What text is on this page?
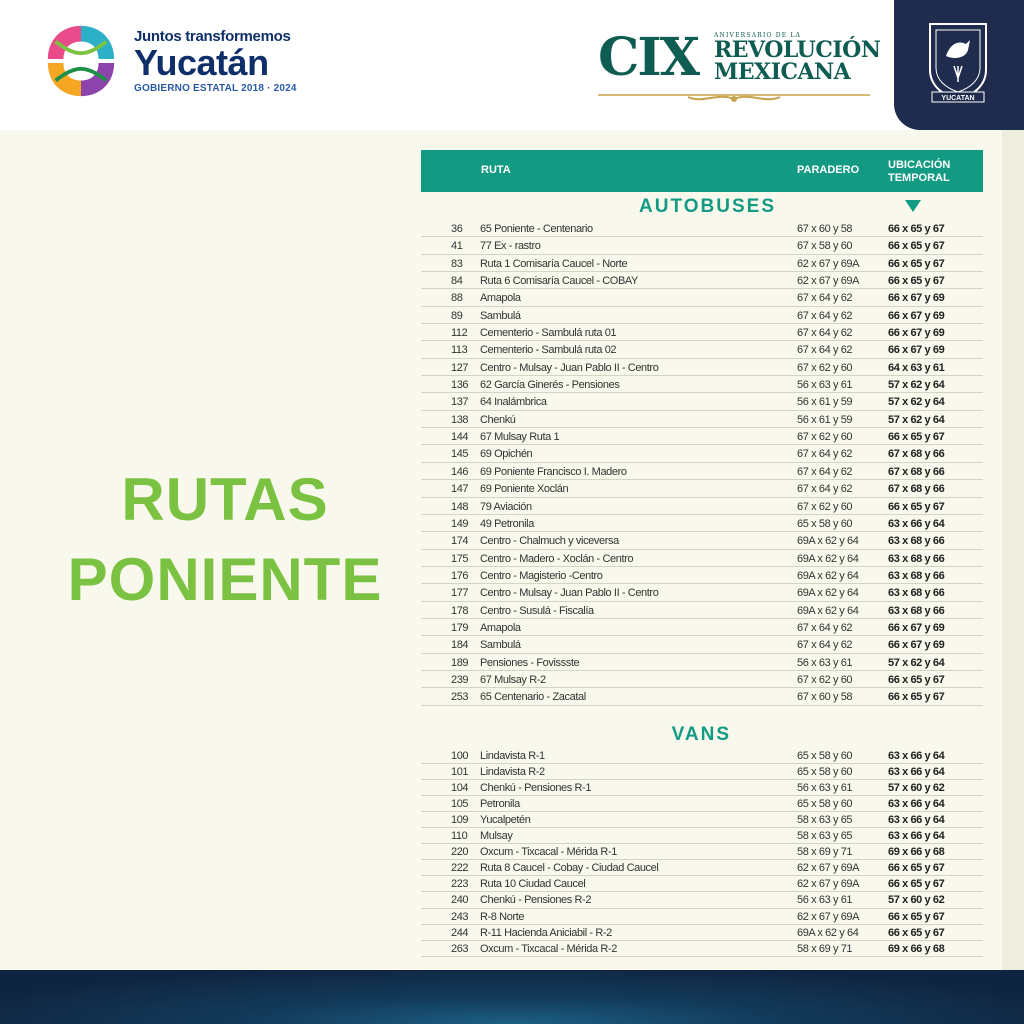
Juntos transformemos
Yucatán
GOBIERNO ESTATAL 2018 · 2024
CIX	ANIVERSARIO DE LA
REVOLUCIÓN
MEXICANA
YUCATAN
RUTAS
PONIENTE
RUTA	PARADERO	UBICACIÓN
TEMPORAL
AUTOBUSES
36 65 Poniente - Centenario	67 x 60 y 58	66 x 65 y 67
41 77 Ex - rastro	67 x 58 y 60	66 x 65 y 67
83 Ruta 1 Comisaría Caucel - Norte	62 x 67 y 69A	66 x 65 y 67
84 Ruta 6 Comisaría Caucel - COBAY	62 x 67 y 69A	66 x 65 y 67
88 Amapola	67 x 64 y 62	66 x 67 y 69
89 Sambulá	67 x 64 y 62	66 x 67 y 69
112 Cementerio - Sambulá ruta 01	67 x 64 y 62	66 x 67 y 69
113 Cementerio - Sambulá ruta 02	67 x 64 y 62	66 x 67 y 69
127 Centro - Mulsay - Juan Pablo II - Centro	67 x 62 y 60	64 x 63 y 61
136 62 García Ginerés - Pensiones	56 x 63 y 61	57 x 62 y 64
137 64 Inalámbrica	56 x 61 y 59	57 x 62 y 64
138 Chenkú	56 x 61 y 59	57 x 62 y 64
144 67 Mulsay Ruta 1	67 x 62 y 60	66 x 65 y 67
145 69 Opichén	67 x 64 y 62	67 x 68 y 66
146 69 Poniente Francisco I. Madero	67 x 64 y 62	67 x 68 y 66
147 69 Poniente Xoclán	67 x 64 y 62	67 x 68 y 66
148 79 Aviación	67 x 62 y 60	66 x 65 y 67
149 49 Petronila	65 x 58 y 60	63 x 66 y 64
174 Centro - Chalmuch y viceversa	69A x 62 y 64	63 x 68 y 66
175 Centro - Madero - Xoclán - Centro	69A x 62 y 64	63 x 68 y 66
176 Centro - Magisterio -Centro	69A x 62 y 64	63 x 68 y 66
177 Centro - Mulsay - Juan Pablo II - Centro	69A x 62 y 64	63 x 68 y 66
178 Centro - Susulá - Fiscalía	69A x 62 y 64	63 x 68 y 66
179 Amapola	67 x 64 y 62	66 x 67 y 69
184 Sambulá	67 x 64 y 62	66 x 67 y 69
189 Pensiones - Fovissste	56 x 63 y 61	57 x 62 y 64
239 67 Mulsay R-2	67 x 62 y 60	66 x 65 y 67
253 65 Centenario - Zacatal	67 x 60 y 58	66 x 65 y 67
VANS
100 Lindavista R-1	65 x 58 y 60	63 x 66 y 64
101 Lindavista R-2	65 x 58 y 60	63 x 66 y 64
104 Chenkú - Pensiones R-1	56 x 63 y 61	57 x 60 y 62
105 Petronila	65 x 58 y 60	63 x 66 y 64
109 Yucalpetén	58 x 63 y 65	63 x 66 y 64
110 Mulsay	58 x 63 y 65	63 x 66 y 64
220 Oxcum - Tixcacal - Mérida R-1	58 x 69 y 71	69 x 66 y 68
222 Ruta 8 Caucel - Cobay - Ciudad Caucel	62 x 67 y 69A	66 x 65 y 67
223 Ruta 10 Ciudad Caucel	62 x 67 y 69A	66 x 65 y 67
240 Chenkú - Pensiones R-2	56 x 63 y 61	57 x 60 y 62
243 R-8 Norte	62 x 67 y 69A	66 x 65 y 67
244 R-11 Hacienda Aniciabil - R-2	69A x 62 y 64	66 x 65 y 67
263 Oxcum - Tixcacal - Mérida R-2	58 x 69 y 71	69 x 66 y 68
